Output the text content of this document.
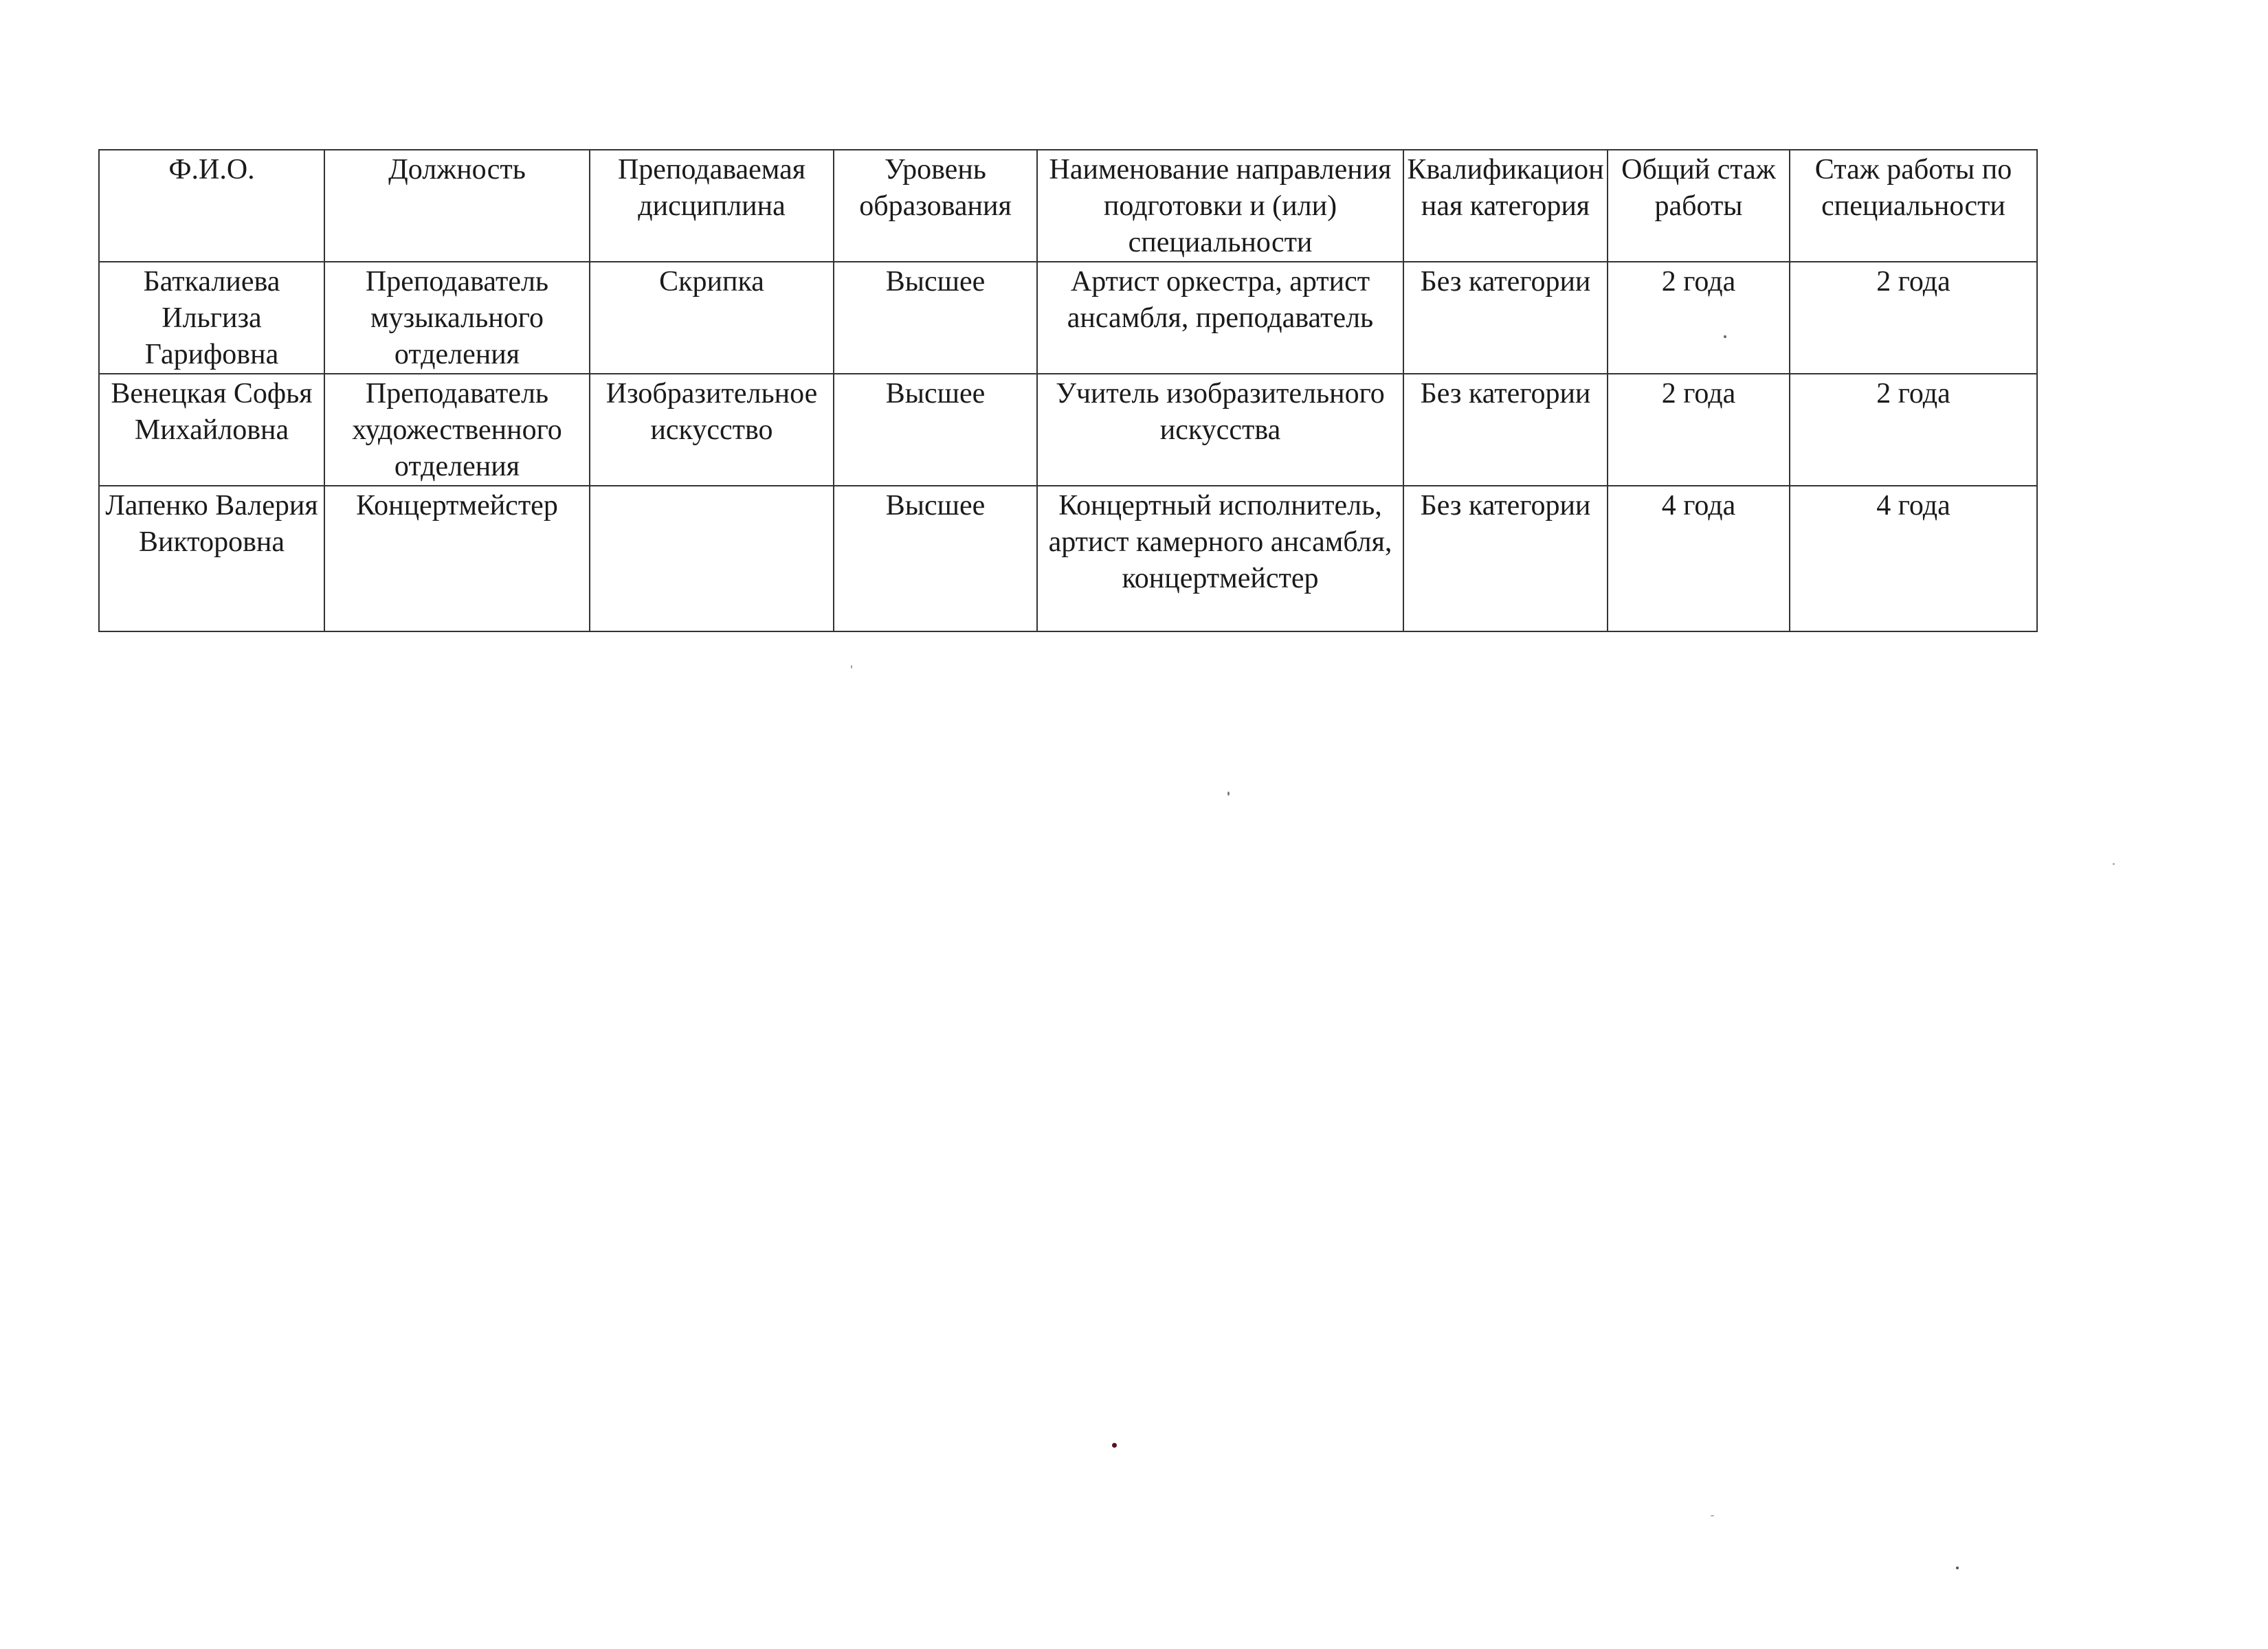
Ф.И.О.	Должность	Преподаваемая дисциплина	Уровень образования	Наименование направления подготовки и (или) специальности	Квалификационная категория	Общий стаж работы	Стаж работы по специальности
Баткалиева Ильгиза Гарифовна	Преподаватель музыкального отделения	Скрипка	Высшее	Артист оркестра, артист ансамбля, преподаватель	Без категории	2 года	2 года
Венецкая Софья Михайловна	Преподаватель художественного отделения	Изобразительное искусство	Высшее	Учитель изобразительного искусства	Без категории	2 года	2 года
Лапенко Валерия Викторовна	Концертмейстер		Высшее	Концертный исполнитель, артист камерного ансамбля, концертмейстер	Без категории	4 года	4 года
